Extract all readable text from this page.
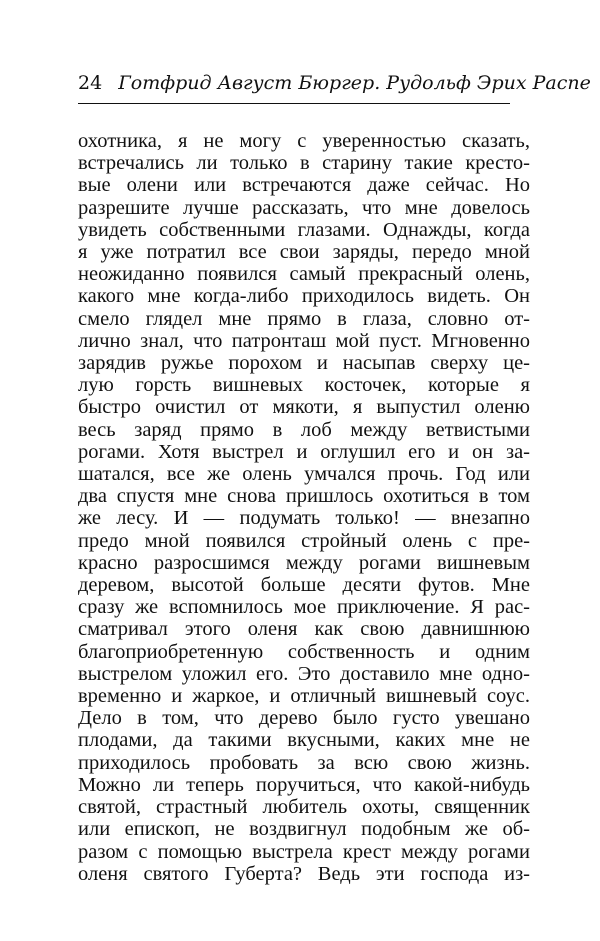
24 Готфрид Август Бюргер. Рудольф Эрих Распе
охотника, я не могу с уверенностью сказать,
встречались ли только в старину такие кресто-
вые олени или встречаются даже сейчас. Но
разрешите лучше рассказать, что мне довелось
увидеть собственными глазами. Однажды, когда
я уже потратил все свои заряды, передо мной
неожиданно появился самый прекрасный олень,
какого мне когда-либо приходилось видеть. Он
смело глядел мне прямо в глаза, словно от-
лично знал, что патронташ мой пуст. Мгновенно
зарядив ружье порохом и насыпав сверху це-
лую горсть вишневых косточек, которые я
быстро очистил от мякоти, я выпустил оленю
весь заряд прямо в лоб между ветвистыми
рогами. Хотя выстрел и оглушил его и он за-
шатался, все же олень умчался прочь. Год или
два спустя мне снова пришлось охотиться в том
же лесу. И — подумать только! — внезапно
предо мной появился стройный олень с пре-
красно разросшимся между рогами вишневым
деревом, высотой больше десяти футов. Мне
сразу же вспомнилось мое приключение. Я рас-
сматривал этого оленя как свою давнишнюю
благоприобретенную собственность и одним
выстрелом уложил его. Это доставило мне одно-
временно и жаркое, и отличный вишневый соус.
Дело в том, что дерево было густо увешано
плодами, да такими вкусными, каких мне не
приходилось пробовать за всю свою жизнь.
Можно ли теперь поручиться, что какой-нибудь
святой, страстный любитель охоты, священник
или епископ, не воздвигнул подобным же об-
разом с помощью выстрела крест между рогами
оленя святого Губерта? Ведь эти господа из-
